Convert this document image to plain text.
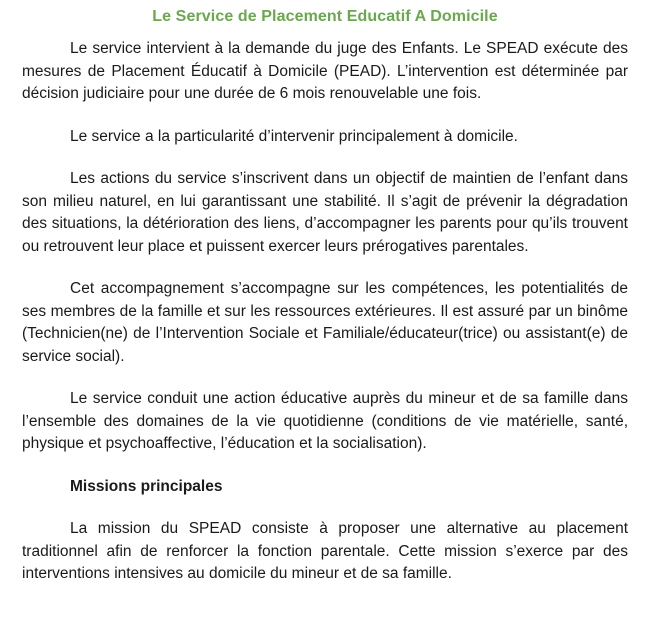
Le Service de Placement Educatif A Domicile

Le service intervient à la demande du juge des Enfants. Le SPEAD exécute des mesures de Placement Éducatif à Domicile (PEAD). L’intervention est déterminée par décision judiciaire pour une durée de 6 mois renouvelable une fois.

Le service a la particularité d’intervenir principalement à domicile.

Les actions du service s’inscrivent dans un objectif de maintien de l’enfant dans son milieu naturel, en lui garantissant une stabilité. Il s’agit de prévenir la dégradation des situations, la détérioration des liens, d’accompagner les parents pour qu’ils trouvent ou retrouvent leur place et puissent exercer leurs prérogatives parentales.

Cet accompagnement s’accompagne sur les compétences, les potentialités de ses membres de la famille et sur les ressources extérieures. Il est assuré par un binôme (Technicien(ne) de l’Intervention Sociale et Familiale/éducateur(trice) ou assistant(e) de service social).

Le service conduit une action éducative auprès du mineur et de sa famille dans l’ensemble des domaines de la vie quotidienne (conditions de vie matérielle, santé, physique et psychoaffective, l’éducation et la socialisation).

Missions principales

La mission du SPEAD consiste à proposer une alternative au placement traditionnel afin de renforcer la fonction parentale. Cette mission s’exerce par des interventions intensives au domicile du mineur et de sa famille.
